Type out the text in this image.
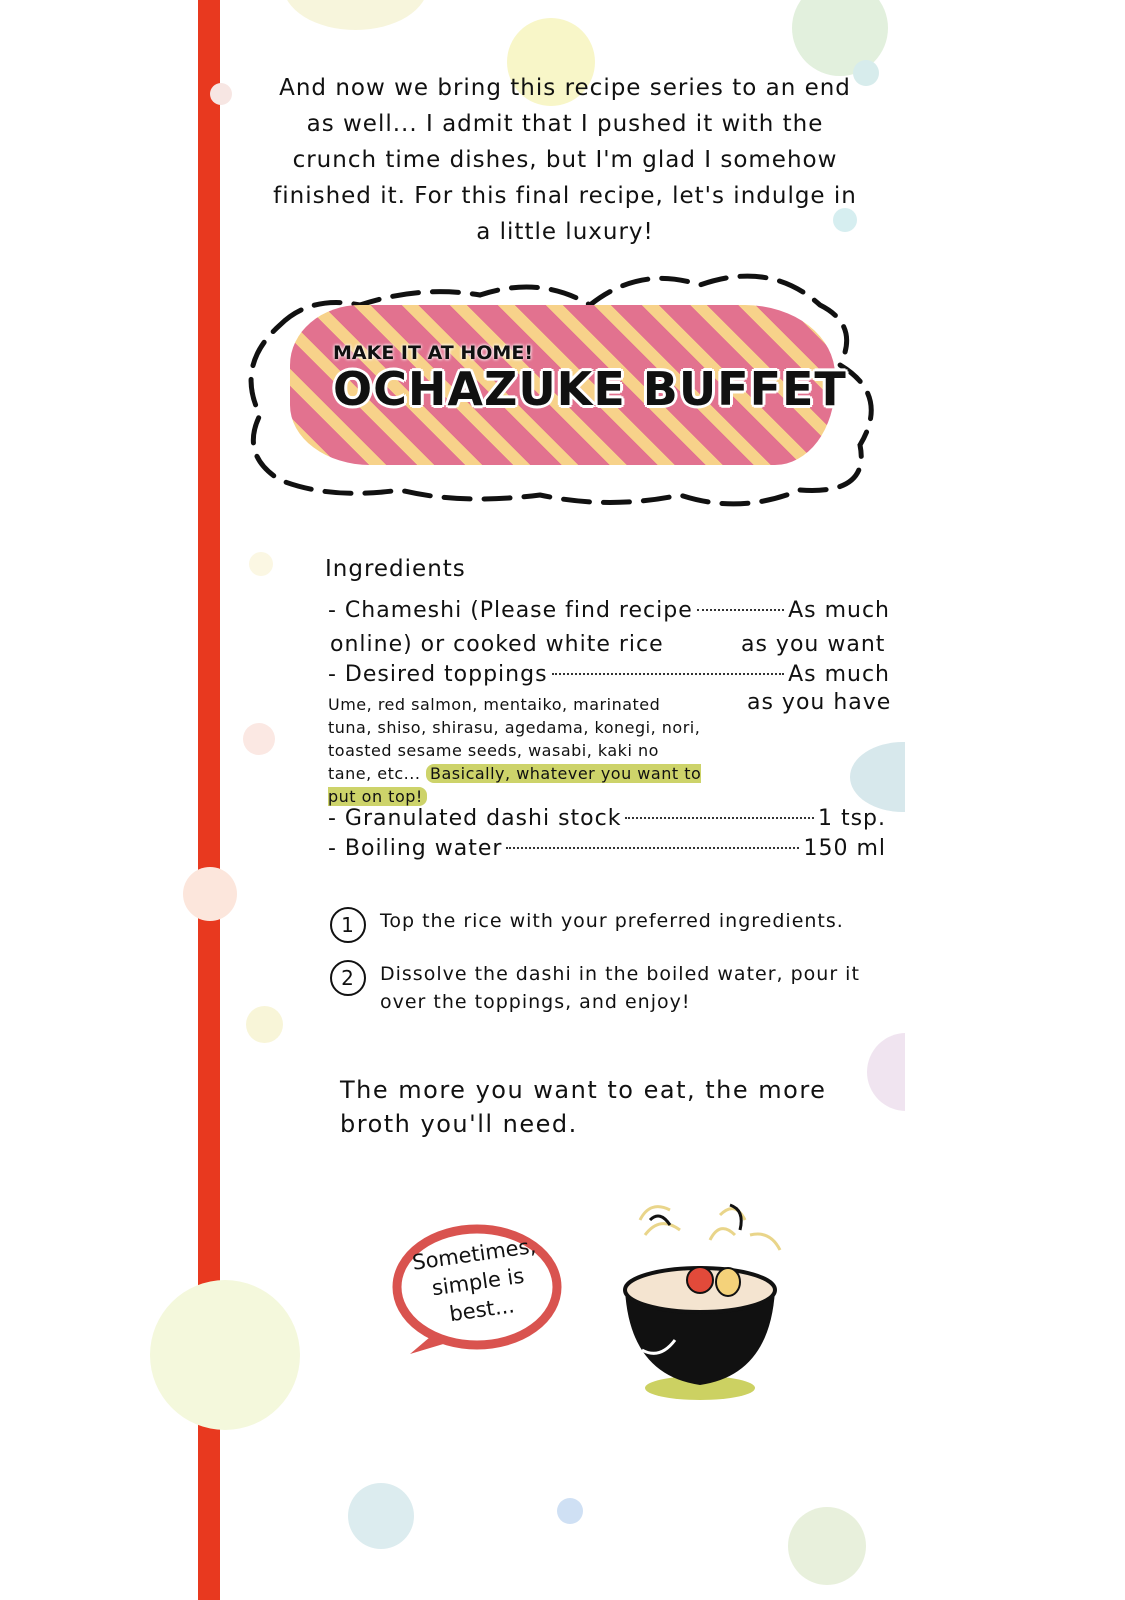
And now we bring this recipe series to an end as well... I admit that I pushed it with the crunch time dishes, but I'm glad I somehow finished it. For this final recipe, let's indulge in a little luxury!
MAKE IT AT HOME!
OCHAZUKE BUFFET
Ingredients
- Chameshi (Please find recipe	As much
online) or cooked white rice	as you want
- Desired toppings	As much
as you have
Ume, red salmon, mentaiko, marinated tuna, shiso, shirasu, agedama, konegi, nori, toasted sesame seeds, wasabi, kaki no tane, etc... Basically, whatever you want to put on top!
- Granulated dashi stock	1 tsp.
- Boiling water	150 ml
1	Top the rice with your preferred ingredients.
2	Dissolve the dashi in the boiled water, pour it over the toppings, and enjoy!
The more you want to eat, the more broth you'll need.
Sometimes, simple is best...
